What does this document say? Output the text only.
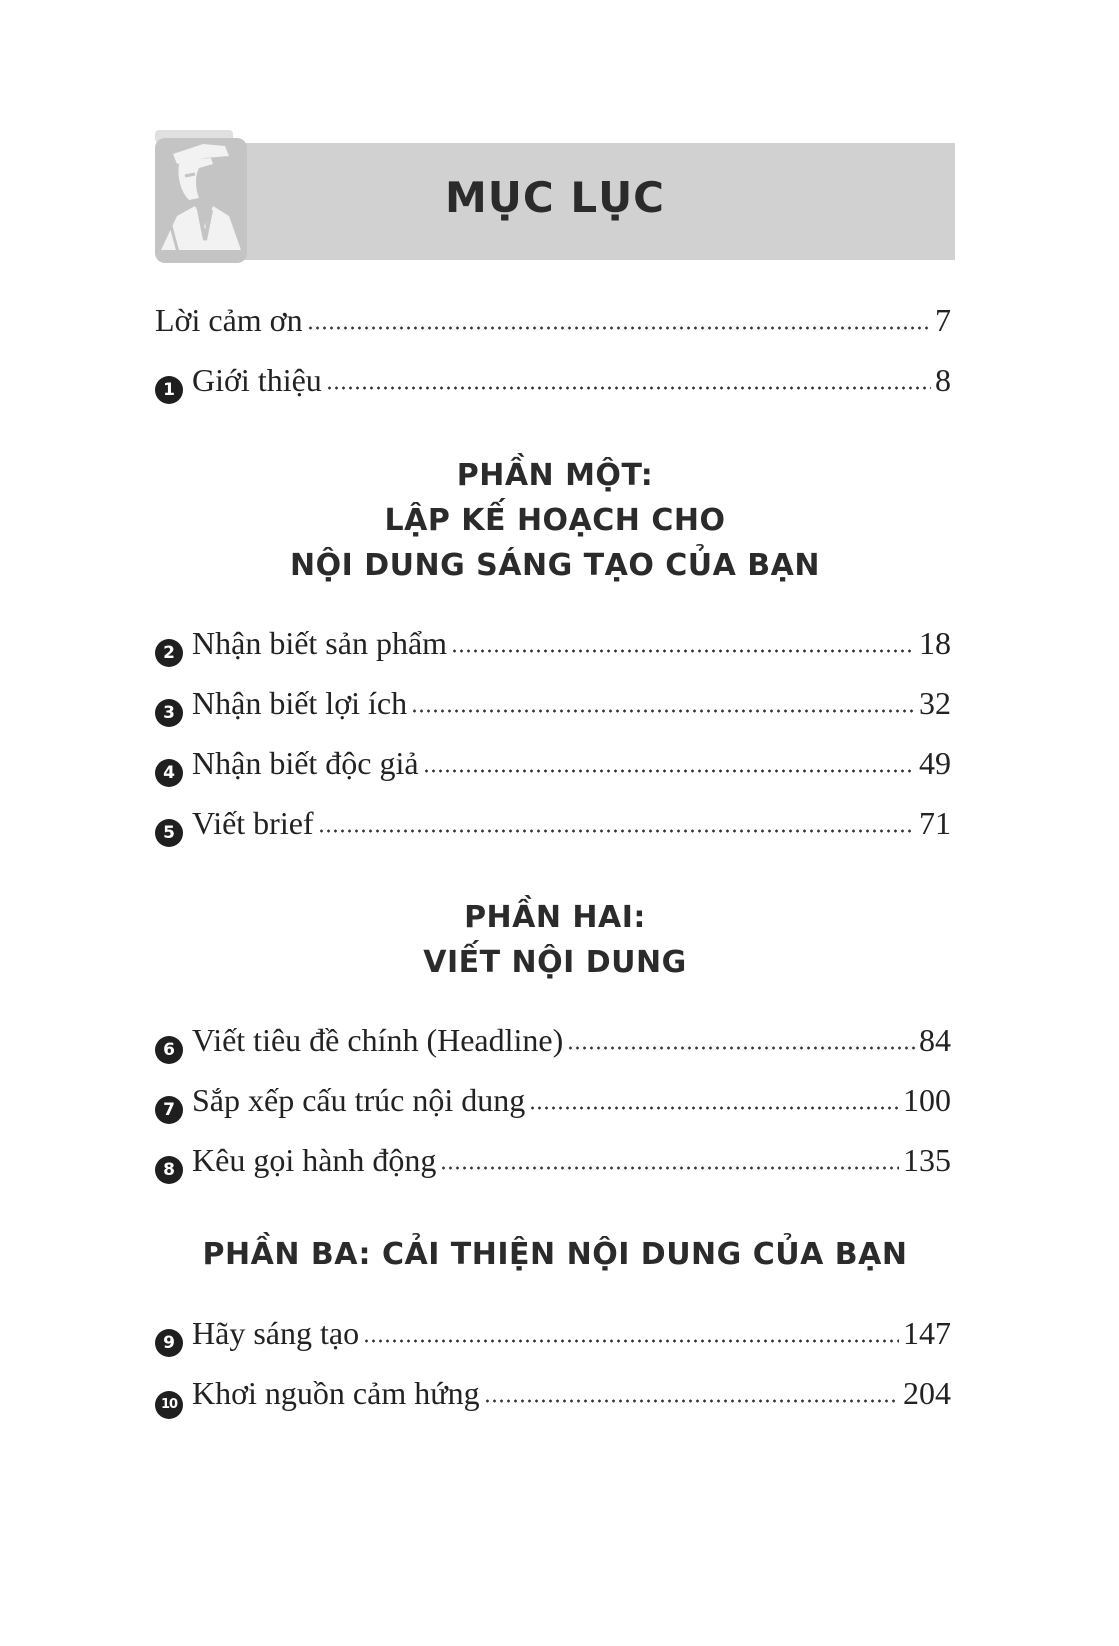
MỤC LỤC
Lời cảm ơn	7
1 Giới thiệu	8
PHẦN MỘT:
LẬP KẾ HOẠCH CHO
NỘI DUNG SÁNG TẠO CỦA BẠN
2 Nhận biết sản phẩm	18
3 Nhận biết lợi ích	32
4 Nhận biết độc giả	49
5 Viết brief	71
PHẦN HAI:
VIẾT NỘI DUNG
6 Viết tiêu đề chính (Headline)	84
7 Sắp xếp cấu trúc nội dung	100
8 Kêu gọi hành động	135
PHẦN BA: CẢI THIỆN NỘI DUNG CỦA BẠN
9 Hãy sáng tạo	147
10 Khơi nguồn cảm hứng	204
